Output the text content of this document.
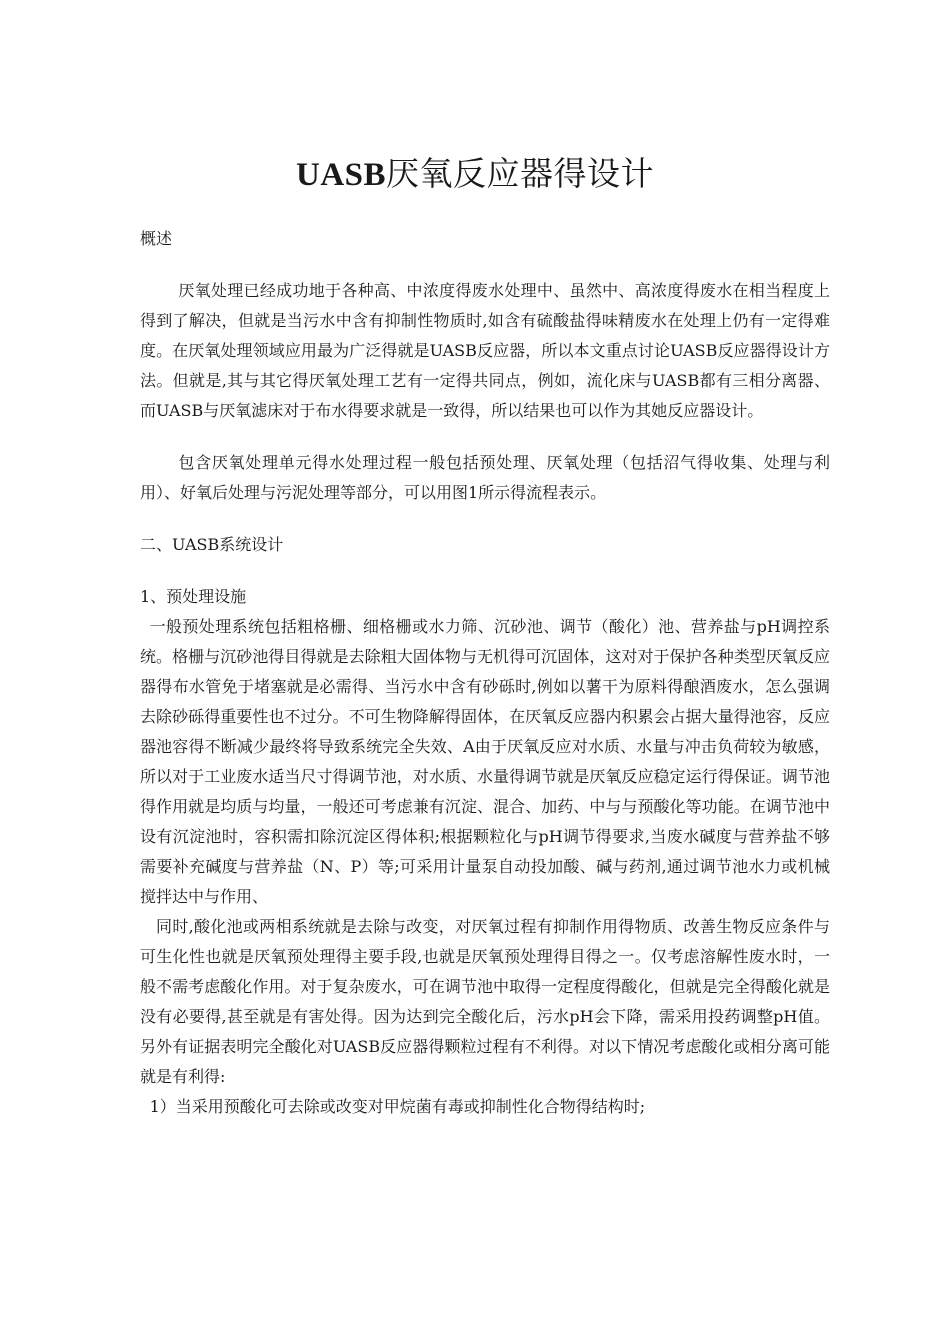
UASB厌氧反应器得设计

概述

厌氧处理已经成功地于各种高、中浓度得废水处理中、虽然中、高浓度得废水在相当程度上得到了解决，但就是当污水中含有抑制性物质时,如含有硫酸盐得味精废水在处理上仍有一定得难度。在厌氧处理领域应用最为广泛得就是UASB反应器，所以本文重点讨论UASB反应器得设计方法。但就是,其与其它得厌氧处理工艺有一定得共同点，例如，流化床与UASB都有三相分离器、而UASB与厌氧滤床对于布水得要求就是一致得，所以结果也可以作为其她反应器设计。

包含厌氧处理单元得水处理过程一般包括预处理、厌氧处理（包括沼气得收集、处理与利用）、好氧后处理与污泥处理等部分，可以用图1所示得流程表示。

二、UASB系统设计

1、预处理设施

一般预处理系统包括粗格栅、细格栅或水力筛、沉砂池、调节（酸化）池、营养盐与pH调控系统。格栅与沉砂池得目得就是去除粗大固体物与无机得可沉固体，这对对于保护各种类型厌氧反应器得布水管免于堵塞就是必需得、当污水中含有砂砾时,例如以薯干为原料得酿酒废水，怎么强调去除砂砾得重要性也不过分。不可生物降解得固体，在厌氧反应器内积累会占据大量得池容，反应器池容得不断减少最终将导致系统完全失效、A由于厌氧反应对水质、水量与冲击负荷较为敏感，所以对于工业废水适当尺寸得调节池，对水质、水量得调节就是厌氧反应稳定运行得保证。调节池得作用就是均质与均量，一般还可考虑兼有沉淀、混合、加药、中与与预酸化等功能。在调节池中设有沉淀池时，容积需扣除沉淀区得体积;根据颗粒化与pH调节得要求,当废水碱度与营养盐不够需要补充碱度与营养盐（N、P）等;可采用计量泵自动投加酸、碱与药剂,通过调节池水力或机械搅拌达中与作用、

同时,酸化池或两相系统就是去除与改变，对厌氧过程有抑制作用得物质、改善生物反应条件与可生化性也就是厌氧预处理得主要手段,也就是厌氧预处理得目得之一。仅考虑溶解性废水时，一般不需考虑酸化作用。对于复杂废水，可在调节池中取得一定程度得酸化，但就是完全得酸化就是没有必要得,甚至就是有害处得。因为达到完全酸化后，污水pH会下降，需采用投药调整pH值。另外有证据表明完全酸化对UASB反应器得颗粒过程有不利得。对以下情况考虑酸化或相分离可能就是有利得:

1）当采用预酸化可去除或改变对甲烷菌有毒或抑制性化合物得结构时;
